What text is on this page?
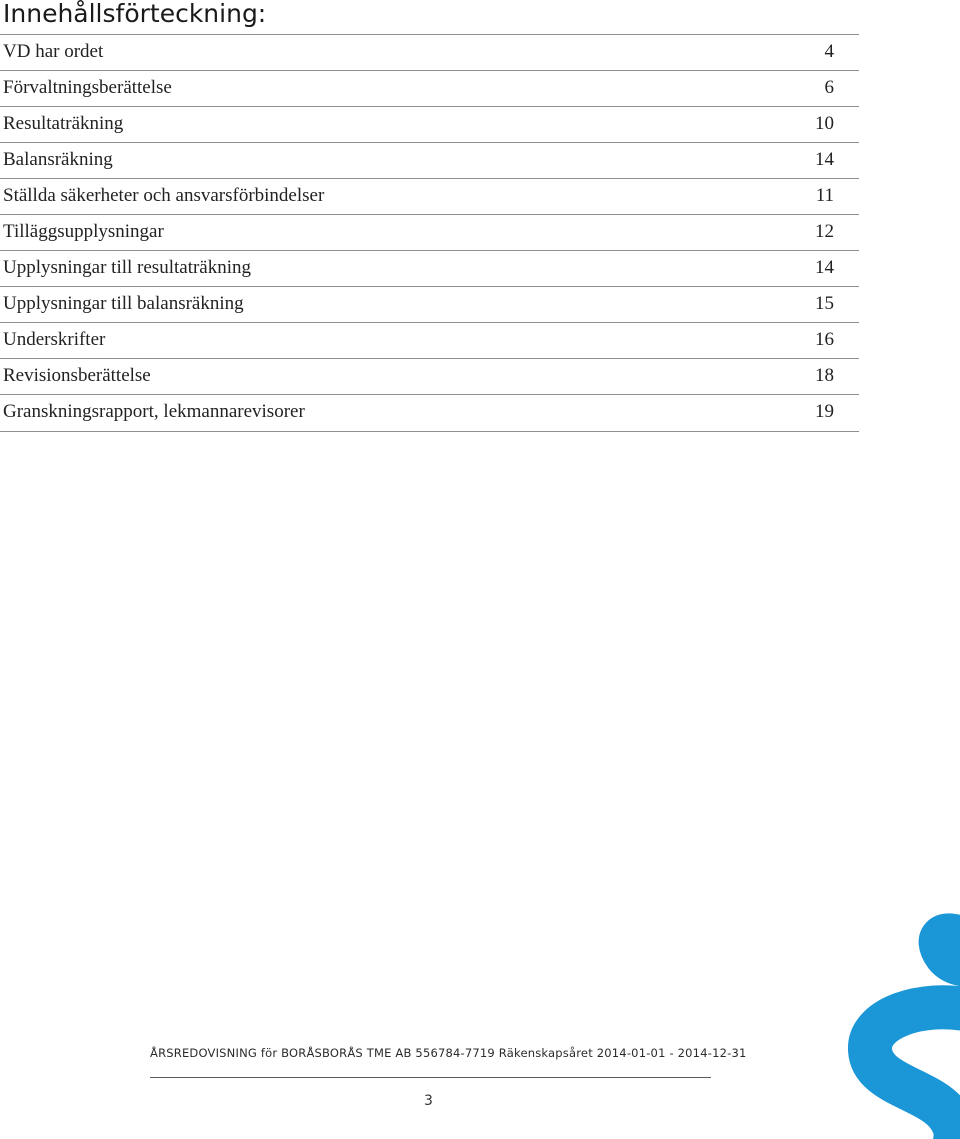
Innehållsförteckning:
VD har ordet	4
Förvaltningsberättelse	6
Resultaträkning	10
Balansräkning	14
Ställda säkerheter och ansvarsförbindelser	11
Tilläggsupplysningar	12
Upplysningar till resultaträkning	14
Upplysningar till balansräkning	15
Underskrifter	16
Revisionsberättelse	18
Granskningsrapport, lekmannarevisorer	19
ÅRSREDOVISNING för BORÅSBORÅS TME AB 556784-7719 Räkenskapsåret 2014-01-01 - 2014-12-31
3
